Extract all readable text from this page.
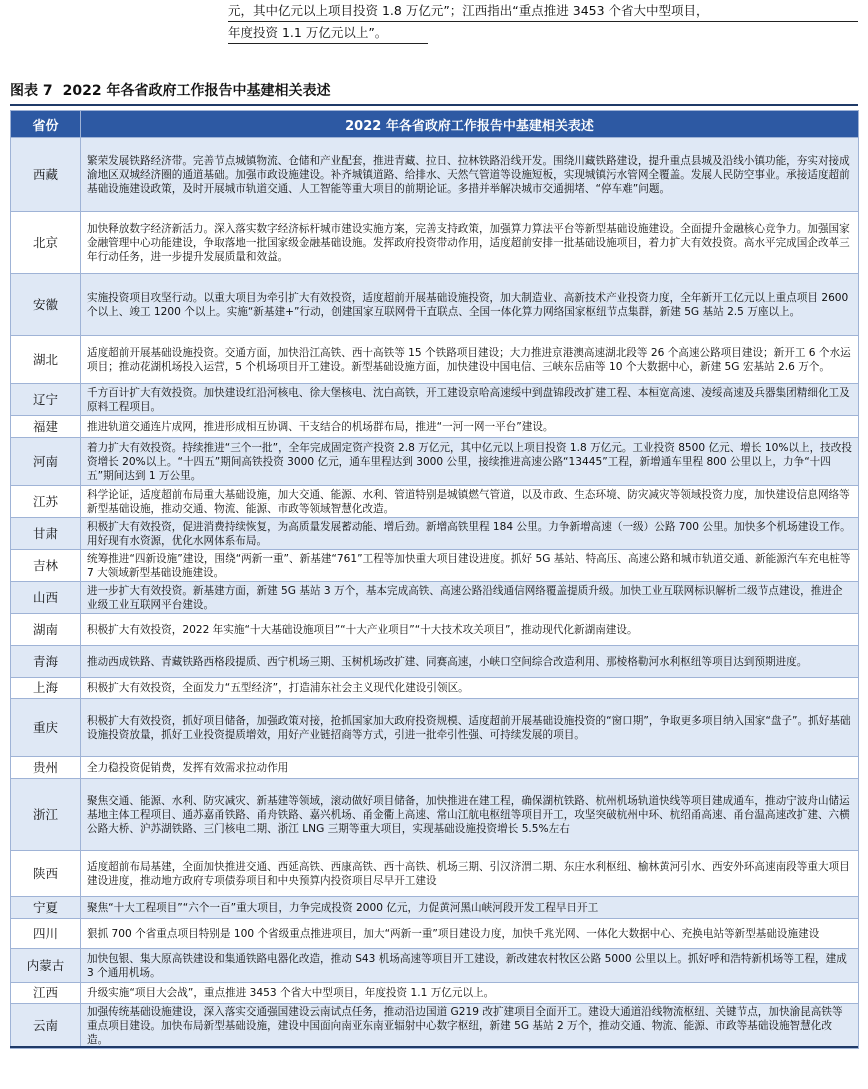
元，其中亿元以上项目投资 1.8 万亿元”；江西指出“重点推进 3453 个省大中型项目，
年度投资 1.1 万亿元以上”。
图表 7 2022 年各省政府工作报告中基建相关表述
省份	2022 年各省政府工作报告中基建相关表述
西藏	繁荣发展铁路经济带。完善节点城镇物流、仓储和产业配套，推进青藏、拉日、拉林铁路沿线开发。围绕川藏铁路建设，提升重点县城及沿线小镇功能，夯实对接成渝地区双城经济圈的通道基础。加强市政设施建设。补齐城镇道路、给排水、天然气管道等设施短板，实现城镇污水管网全覆盖。发展人民防空事业。承接适度超前基础设施建设政策，及时开展城市轨道交通、人工智能等重大项目的前期论证。多措并举解决城市交通拥堵、“停车难”问题。
北京	加快释放数字经济新活力。深入落实数字经济标杆城市建设实施方案，完善支持政策，加强算力算法平台等新型基础设施建设。全面提升金融核心竞争力。加强国家金融管理中心功能建设，争取落地一批国家级金融基础设施。发挥政府投资带动作用，适度超前安排一批基础设施项目，着力扩大有效投资。高水平完成国企改革三年行动任务，进一步提升发展质量和效益。
安徽	实施投资项目攻坚行动。以重大项目为牵引扩大有效投资，适度超前开展基础设施投资，加大制造业、高新技术产业投资力度，全年新开工亿元以上重点项目 2600 个以上、竣工 1200 个以上。实施“新基建+”行动，创建国家互联网骨干直联点、全国一体化算力网络国家枢纽节点集群，新建 5G 基站 2.5 万座以上。
湖北	适度超前开展基础设施投资。交通方面，加快沿江高铁、西十高铁等 15 个铁路项目建设；大力推进京港澳高速湖北段等 26 个高速公路项目建设；新开工 6 个水运项目；推动花湖机场投入运营，5 个机场项目开工建设。新型基础设施方面，加快建设中国电信、三峡东岳庙等 10 个大数据中心，新建 5G 宏基站 2.6 万个。
辽宁	千方百计扩大有效投资。加快建设红沿河核电、徐大堡核电、沈白高铁，开工建设京哈高速绥中到盘锦段改扩建工程、本桓宽高速、凌绥高速及兵器集团精细化工及原料工程项目。
福建	推进轨道交通连片成网，推进形成相互协调、干支结合的机场群布局，推进“一河一网一平台”建设。
河南	着力扩大有效投资。持续推进“三个一批”，全年完成固定资产投资 2.8 万亿元，其中亿元以上项目投资 1.8 万亿元。工业投资 8500 亿元、增长 10%以上，技改投资增长 20%以上。“十四五”期间高铁投资 3000 亿元，通车里程达到 3000 公里，接续推进高速公路“13445”工程，新增通车里程 800 公里以上，力争“十四五”期间达到 1 万公里。
江苏	科学论证，适度超前布局重大基础设施，加大交通、能源、水利、管道特别是城镇燃气管道，以及市政、生态环境、防灾减灾等领域投资力度，加快建设信息网络等新型基础设施，推动交通、物流、能源、市政等领域智慧化改造。
甘肃	积极扩大有效投资，促进消费持续恢复，为高质量发展蓄动能、增后劲。新增高铁里程 184 公里。力争新增高速（一级）公路 700 公里。加快多个机场建设工作。用好现有水资源，优化水网体系布局。
吉林	统筹推进“四新设施”建设，围绕“两新一重”、新基建“761”工程等加快重大项目建设进度。抓好 5G 基站、特高压、高速公路和城市轨道交通、新能源汽车充电桩等 7 大领域新型基础设施建设。
山西	进一步扩大有效投资。新基建方面，新建 5G 基站 3 万个，基本完成高铁、高速公路沿线通信网络覆盖提质升级。加快工业互联网标识解析二级节点建设，推进企业级工业互联网平台建设。
湖南	积极扩大有效投资，2022 年实施“十大基础设施项目”“十大产业项目”“十大技术攻关项目”，推动现代化新湖南建设。
青海	推动西成铁路、青藏铁路西格段提质、西宁机场三期、玉树机场改扩建、同赛高速，小峡口空间综合改造利用、那棱格勒河水利枢纽等项目达到预期进度。
上海	积极扩大有效投资，全面发力“五型经济”，打造浦东社会主义现代化建设引领区。
重庆	积极扩大有效投资，抓好项目储备，加强政策对接，抢抓国家加大政府投资规模、适度超前开展基础设施投资的“窗口期”，争取更多项目纳入国家“盘子”。抓好基础设施投资放量，抓好工业投资提质增效，用好产业链招商等方式，引进一批牵引性强、可持续发展的项目。
贵州	全力稳投资促销费，发挥有效需求拉动作用
浙江	聚焦交通、能源、水利、防灾减灾、新基建等领域，滚动做好项目储备，加快推进在建工程，确保湖杭铁路、杭州机场轨道快线等项目建成通车，推动宁波舟山储运基地主体工程项目、通苏嘉甬铁路、甬舟铁路、嘉兴机场、甬金衢上高速、常山江航电枢纽等项目开工，攻坚突破杭州中环、杭绍甬高速、甬台温高速改扩建、六横公路大桥、沪苏湖铁路、三门核电二期、浙江 LNG 三期等重大项目，实现基础设施投资增长 5.5%左右
陕西	适度超前布局基建，全面加快推进交通、西延高铁、西康高铁、西十高铁、机场三期、引汉济渭二期、东庄水利枢纽、榆林黄河引水、西安外环高速南段等重大项目建设进度，推动地方政府专项债券项目和中央预算内投资项目尽早开工建设
宁夏	聚焦“十大工程项目”“六个一百”重大项目，力争完成投资 2000 亿元，力促黄河黑山峡河段开发工程早日开工
四川	狠抓 700 个省重点项目特别是 100 个省级重点推进项目，加大“两新一重”项目建设力度，加快千兆光网、一体化大数据中心、充换电站等新型基础设施建设
内蒙古	加快包银、集大原高铁建设和集通铁路电器化改造，推动 S43 机场高速等项目开工建设，新改建农村牧区公路 5000 公里以上。抓好呼和浩特新机场等工程，建成 3 个通用机场。
江西	升级实施“项目大会战”，重点推进 3453 个省大中型项目，年度投资 1.1 万亿元以上。
云南	加强传统基础设施建设，深入落实交通强国建设云南试点任务，推动沿边国道 G219 改扩建项目全面开工。建设大通道沿线物流枢纽、关键节点，加快渝昆高铁等重点项目建设。加快布局新型基础设施，建设中国面向南亚东南亚辐射中心数字枢纽，新建 5G 基站 2 万个，推动交通、物流、能源、市政等基础设施智慧化改造。
